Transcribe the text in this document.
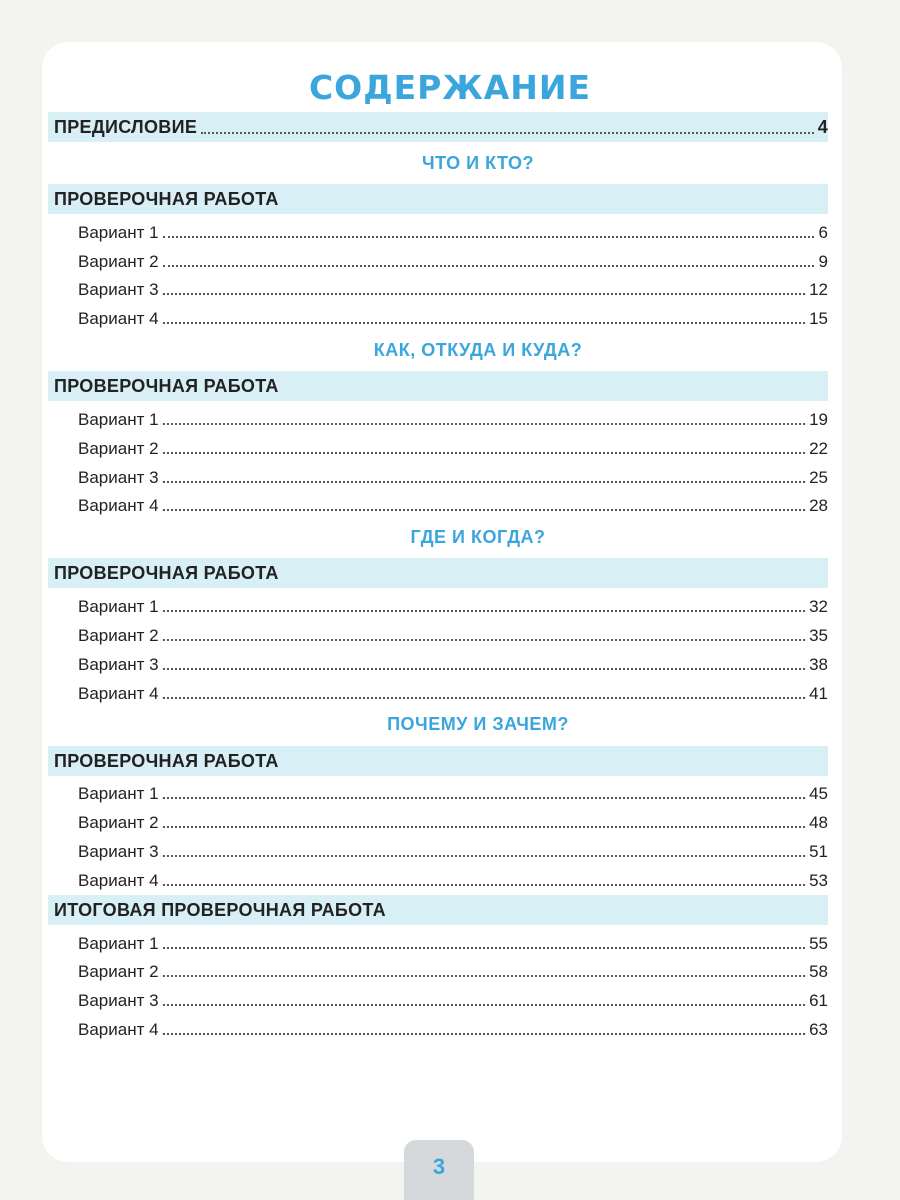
СОДЕРЖАНИЕ
ПРЕДИСЛОВИЕ	4
ЧТО И КТО?
ПРОВЕРОЧНАЯ РАБОТА
Вариант 1	6
Вариант 2	9
Вариант 3	12
Вариант 4	15
КАК, ОТКУДА И КУДА?
ПРОВЕРОЧНАЯ РАБОТА
Вариант 1	19
Вариант 2	22
Вариант 3	25
Вариант 4	28
ГДЕ И КОГДА?
ПРОВЕРОЧНАЯ РАБОТА
Вариант 1	32
Вариант 2	35
Вариант 3	38
Вариант 4	41
ПОЧЕМУ И ЗАЧЕМ?
ПРОВЕРОЧНАЯ РАБОТА
Вариант 1	45
Вариант 2	48
Вариант 3	51
Вариант 4	53
ИТОГОВАЯ ПРОВЕРОЧНАЯ РАБОТА
Вариант 1	55
Вариант 2	58
Вариант 3	61
Вариант 4	63
3
